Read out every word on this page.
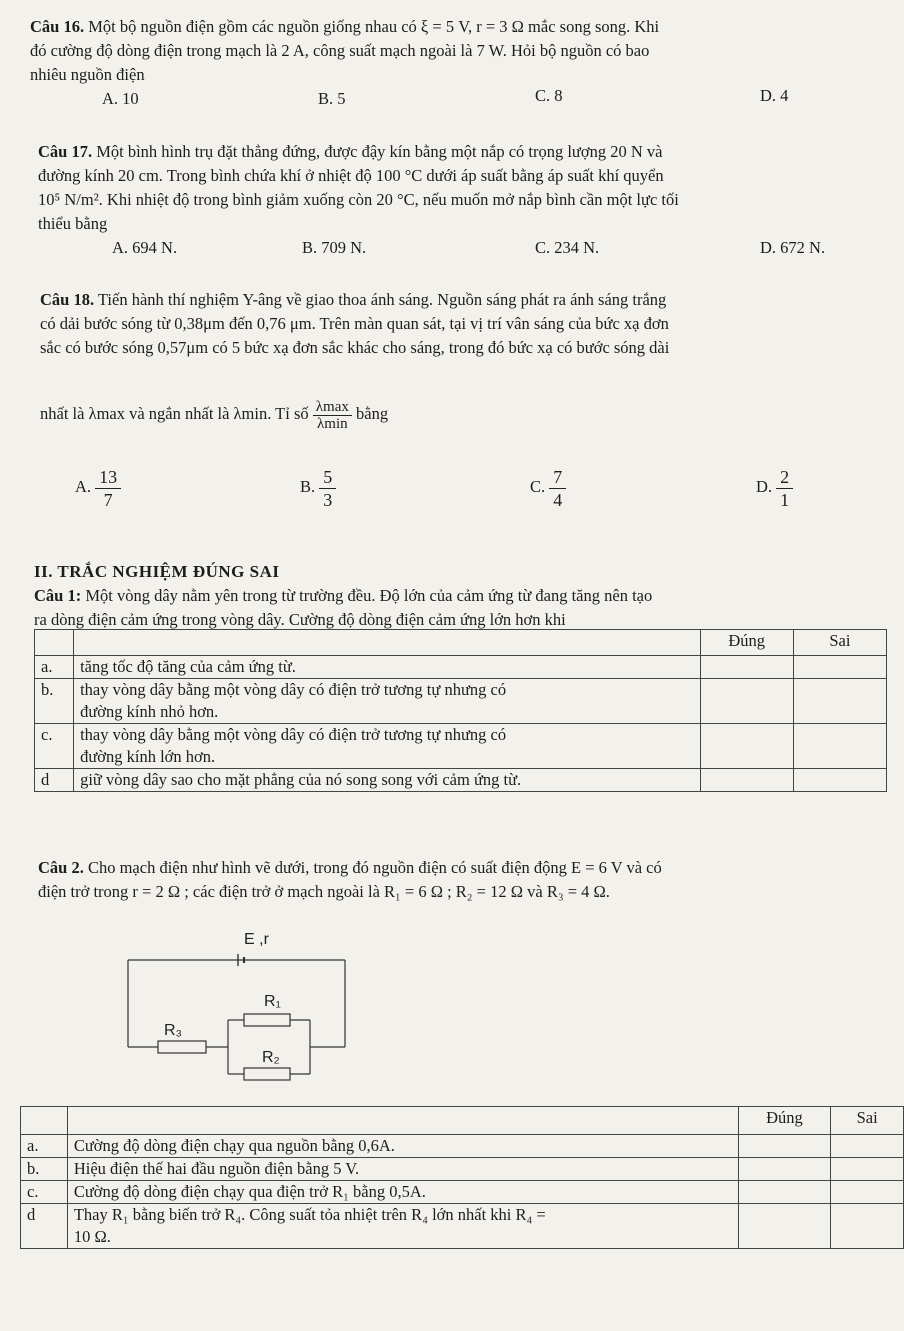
Câu 16. Một bộ nguồn điện gồm các nguồn giống nhau có ξ = 5 V, r = 3 Ω mắc song song. Khi
đó cường độ dòng điện trong mạch là 2 A, công suất mạch ngoài là 7 W. Hỏi bộ nguồn có bao
nhiêu nguồn điện
A. 10	B. 5	C. 8	D. 4
Câu 17. Một bình hình trụ đặt thẳng đứng, được đậy kín bằng một nắp có trọng lượng 20 N và
đường kính 20 cm. Trong bình chứa khí ở nhiệt độ 100 °C dưới áp suất bằng áp suất khí quyển
10⁵ N/m². Khi nhiệt độ trong bình giảm xuống còn 20 °C, nếu muốn mở nắp bình cần một lực tối
thiểu bằng
A. 694 N.	B. 709 N.	C. 234 N.	D. 672 N.
Câu 18. Tiến hành thí nghiệm Y-âng về giao thoa ánh sáng. Nguồn sáng phát ra ánh sáng trắng
có dải bước sóng từ 0,38μm đến 0,76 μm. Trên màn quan sát, tại vị trí vân sáng của bức xạ đơn
sắc có bước sóng 0,57μm có 5 bức xạ đơn sắc khác cho sáng, trong đó bức xạ có bước sóng dài
nhất là λmax và ngắn nhất là λmin. Tỉ số $\frac{\lambda\max}{\lambda\min}$ bằng
A. $\frac{13}{7}$	B. $\frac{5}{3}$	C. $\frac{7}{4}$	D. $\frac{2}{1}$
II. TRẮC NGHIỆM ĐÚNG SAI
Câu 1: Một vòng dây nằm yên trong từ trường đều. Độ lớn của cảm ứng từ đang tăng nên tạo
ra dòng điện cảm ứng trong vòng dây. Cường độ dòng điện cảm ứng lớn hơn khi
		Đúng	Sai
a.	tăng tốc độ tăng của cảm ứng từ.		
b.	thay vòng dây bằng một vòng dây có điện trở tương tự nhưng có
đường kính nhỏ hơn.		

c.	thay vòng dây bằng một vòng dây có điện trở tương tự nhưng có
đường kính lớn hơn.		

d	giữ vòng dây sao cho mặt phẳng của nó song song với cảm ứng từ.		
Câu 2. Cho mạch điện như hình vẽ dưới, trong đó nguồn điện có suất điện động E = 6 V và có
điện trở trong r = 2 Ω ; các điện trở ở mạch ngoài là R₁ = 6 Ω ; R₂ = 12 Ω và R₃ = 4 Ω.
E ,r
R₃
R₁
R₂
		Đúng	Sai
a.	Cường độ dòng điện chạy qua nguồn bằng 0,6A.		
b.	Hiệu điện thế hai đầu nguồn điện bằng 5 V.		
c.	Cường độ dòng điện chạy qua điện trở R₁ bằng 0,5A.		
d	Thay R₁ bằng biến trở R₄. Công suất tỏa nhiệt trên R₄ lớn nhất khi R₄ =
10 Ω.		
